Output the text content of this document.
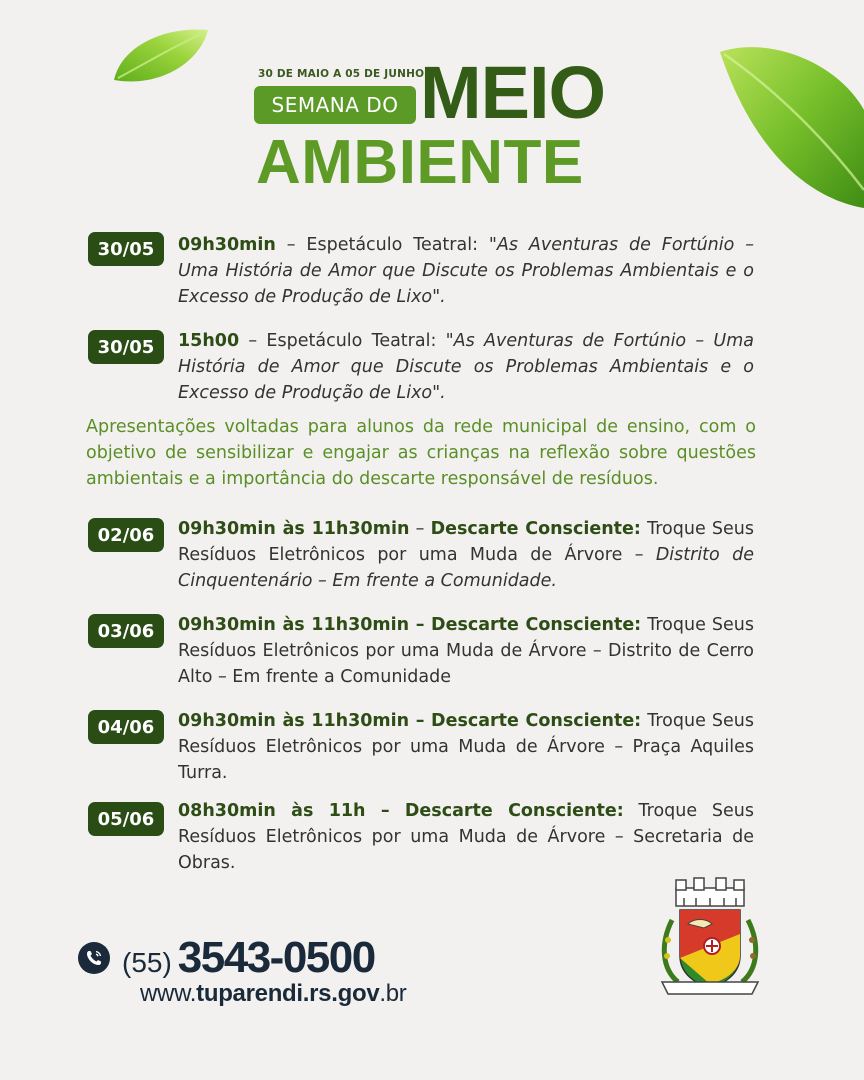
30 DE MAIO A 05 DE JUNHO
SEMANA DO MEIO
AMBIENTE
30/05	09h30min – Espetáculo Teatral: "As Aventuras de Fortúnio – Uma História de Amor que Discute os Problemas Ambientais e o Excesso de Produção de Lixo".
30/05	15h00 – Espetáculo Teatral: "As Aventuras de Fortúnio – Uma História de Amor que Discute os Problemas Ambientais e o Excesso de Produção de Lixo".
Apresentações voltadas para alunos da rede municipal de ensino, com o objetivo de sensibilizar e engajar as crianças na reflexão sobre questões ambientais e a importância do descarte responsável de resíduos.
02/06	09h30min às 11h30min – Descarte Consciente: Troque Seus Resíduos Eletrônicos por uma Muda de Árvore – Distrito de Cinquentenário – Em frente a Comunidade.
03/06	09h30min às 11h30min – Descarte Consciente: Troque Seus Resíduos Eletrônicos por uma Muda de Árvore – Distrito de Cerro Alto – Em frente a Comunidade
04/06	09h30min às 11h30min – Descarte Consciente: Troque Seus Resíduos Eletrônicos por uma Muda de Árvore – Praça Aquiles Turra.
05/06	08h30min às 11h – Descarte Consciente: Troque Seus Resíduos Eletrônicos por uma Muda de Árvore – Secretaria de Obras.
(55) 3543-0500
www.tuparendi.rs.gov.br
